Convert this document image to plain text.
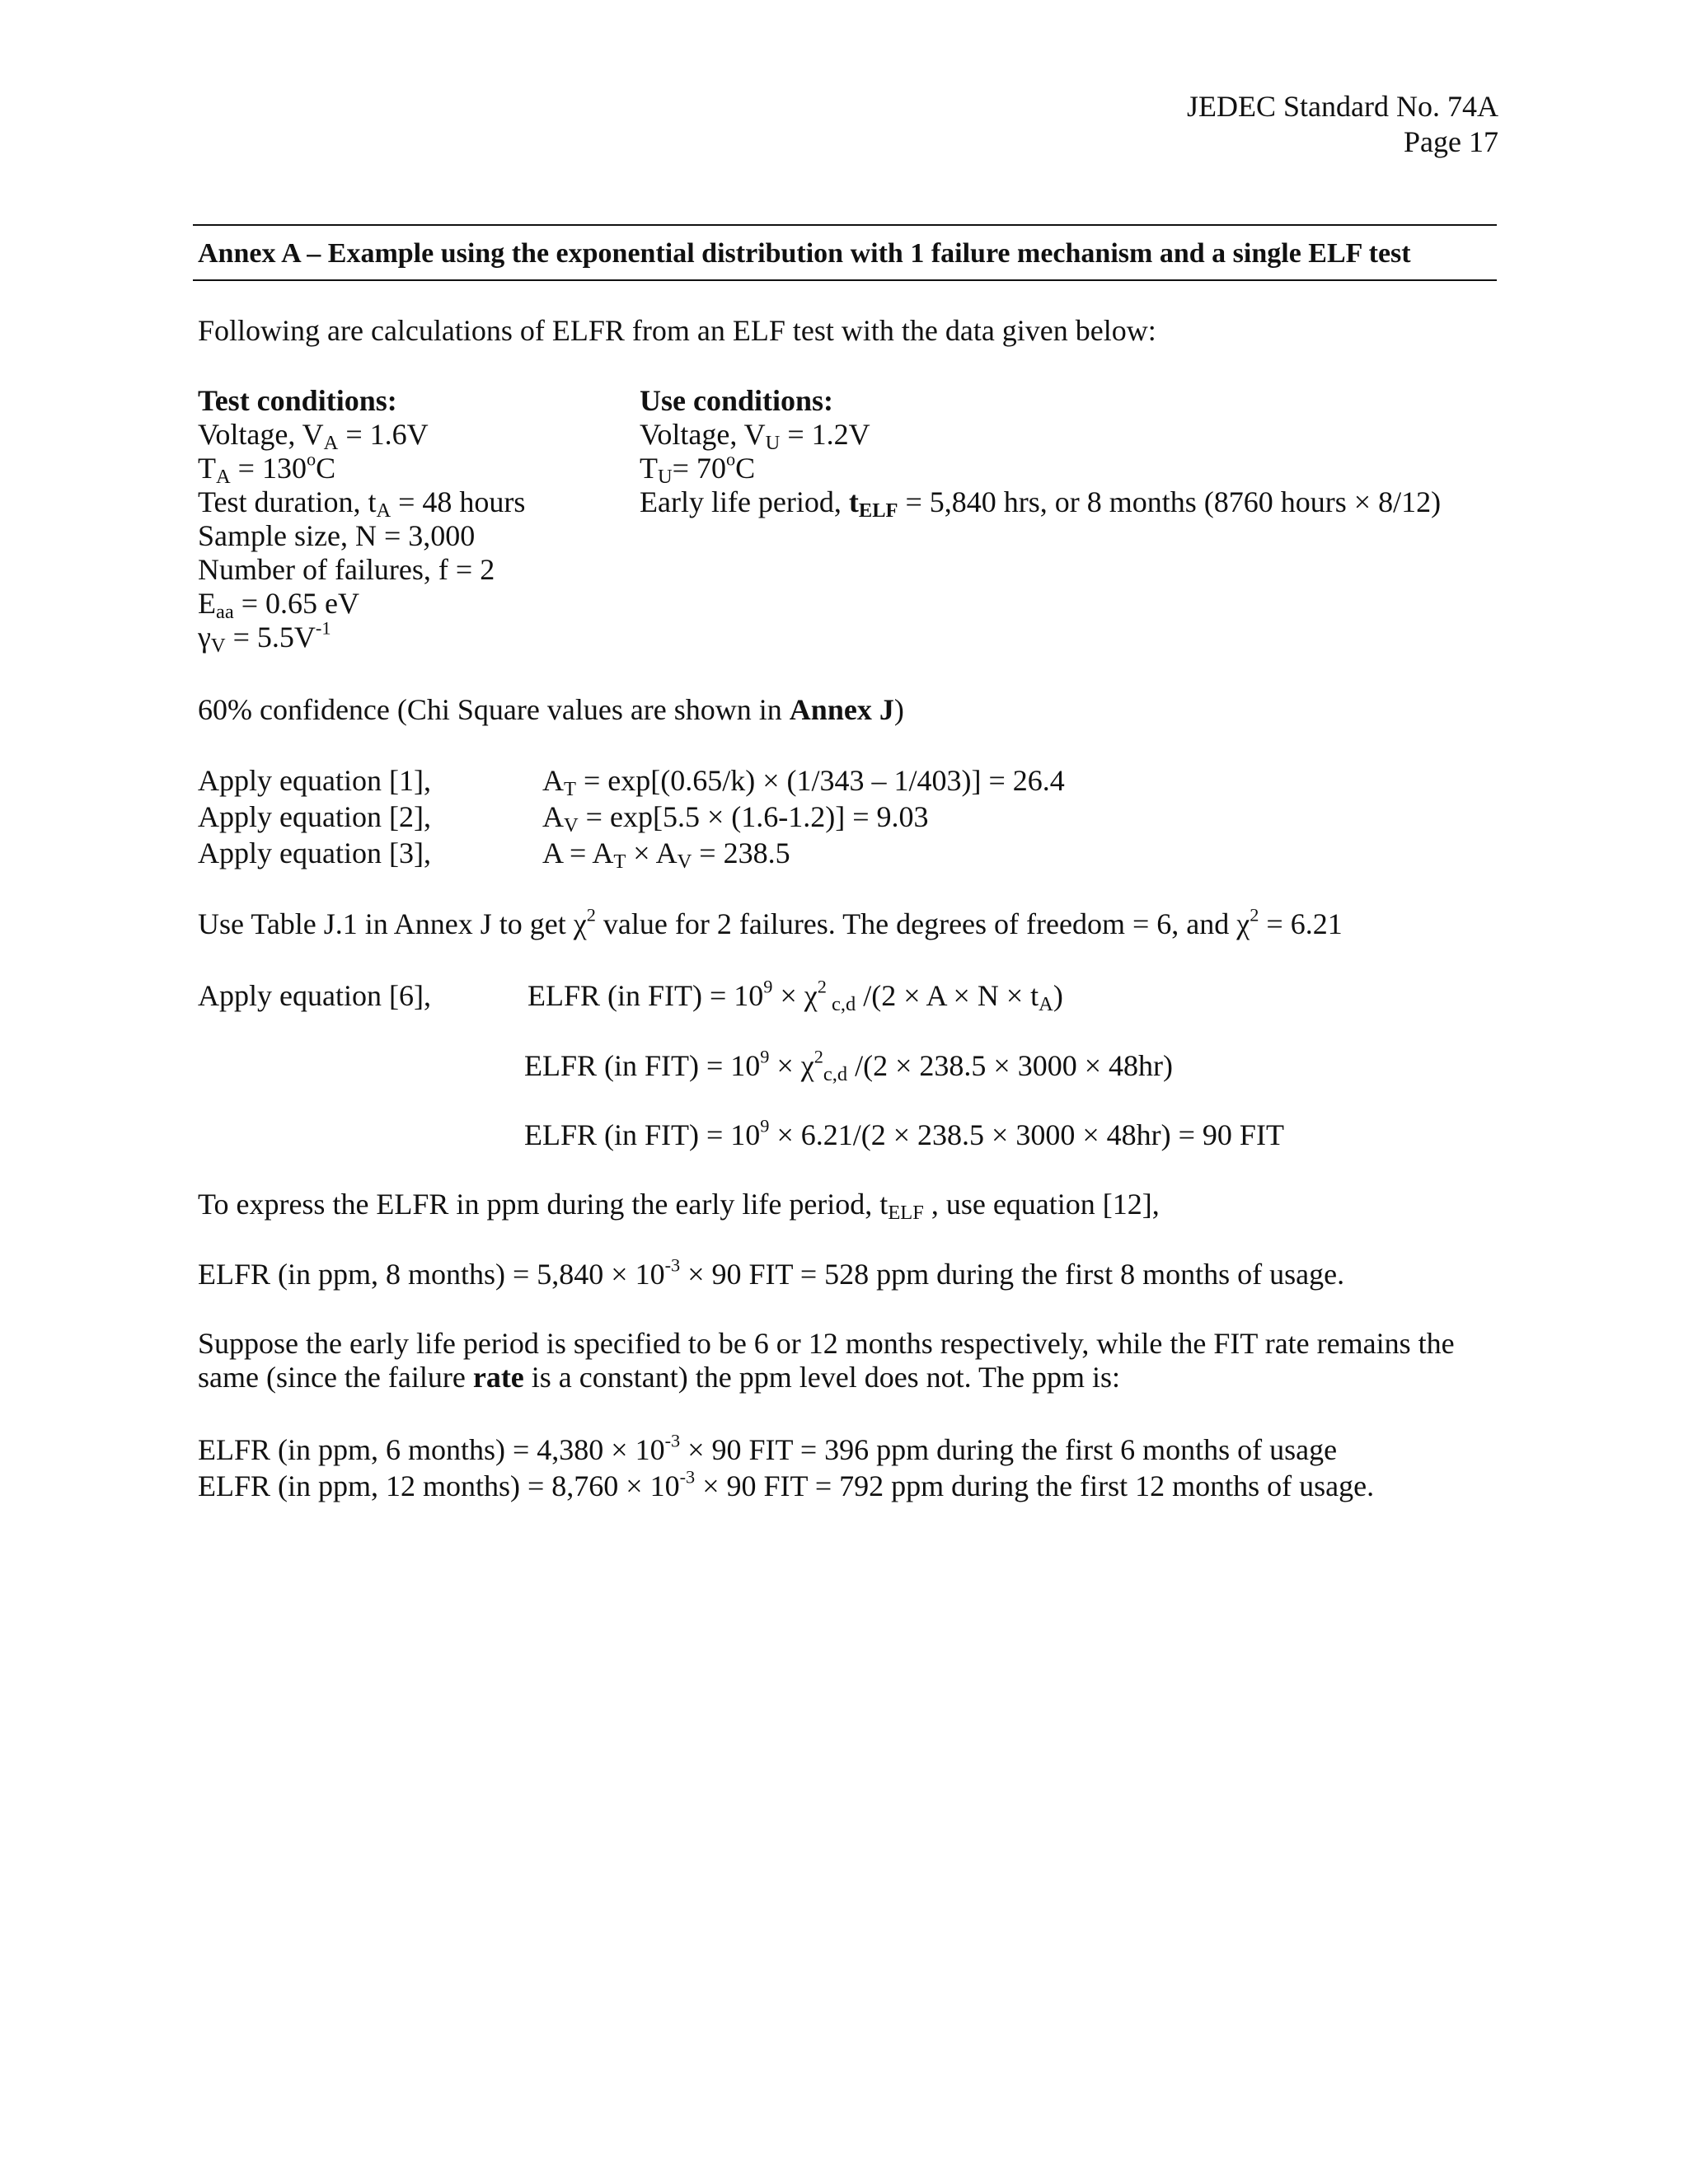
JEDEC Standard No. 74A
Page 17
Annex A – Example using the exponential distribution with 1 failure mechanism and a single ELF test
Following are calculations of ELFR from an ELF test with the data given below:
Test conditions:
Voltage, $V_A = 1.6V$
$T_A = 130^oC$
Test duration, $t_A = 48$ hours
Sample size, N = 3,000
Number of failures, f = 2
$E_{aa} = 0.65$ eV
$\gamma_V = 5.5V^{-1}$
Use conditions:
Voltage, $V_U = 1.2V$
$T_U= 70^oC$
Early life period, $t_{ELF} = 5,840$ hrs, or 8 months (8760 hours × 8/12)
60% confidence (Chi Square values are shown in Annex J)
Apply equation [1],	$A_T = \exp[(0.65/k) \times (1/343 - 1/403)] = 26.4$
Apply equation [2],	$A_V = \exp[5.5 \times (1.6-1.2)] = 9.03$
Apply equation [3],	$A = A_T \times A_V = 238.5$
Use Table J.1 in Annex J to get $\chi^2$ value for 2 failures. The degrees of freedom = 6, and $\chi^2 = 6.21$
Apply equation [6],	ELFR (in $FIT) = 10^9 \times \chi^2$ $_{c,d}$ $/(2 \times A \times N \times t_A)$
ELFR (in $FIT) = 10^9 \times \chi^2_{c,d}$ /(2 × 238.5 × 3000 × 48hr)
ELFR (in $FIT) = 10^9 \times 6.21/(2 \times 238.5 \times 3000 \times 48hr) = 90$ FIT
To express the ELFR in ppm during the early life period, $t_{ELF}$ , use equation [12],
ELFR (in ppm, 8 months) = $5,840 \times 10^{-3} \times 90$ FIT = 528 ppm during the first 8 months of usage.
Suppose the early life period is specified to be 6 or 12 months respectively, while the FIT rate remains the
same (since the failure rate is a constant) the ppm level does not. The ppm is:
ELFR (in ppm, 6 months) = $4,380 \times 10^{-3} \times 90$ FIT = 396 ppm during the first 6 months of usage
ELFR (in ppm, 12 months) = $8,760 \times 10^{-3} \times 90$ FIT = 792 ppm during the first 12 months of usage.
